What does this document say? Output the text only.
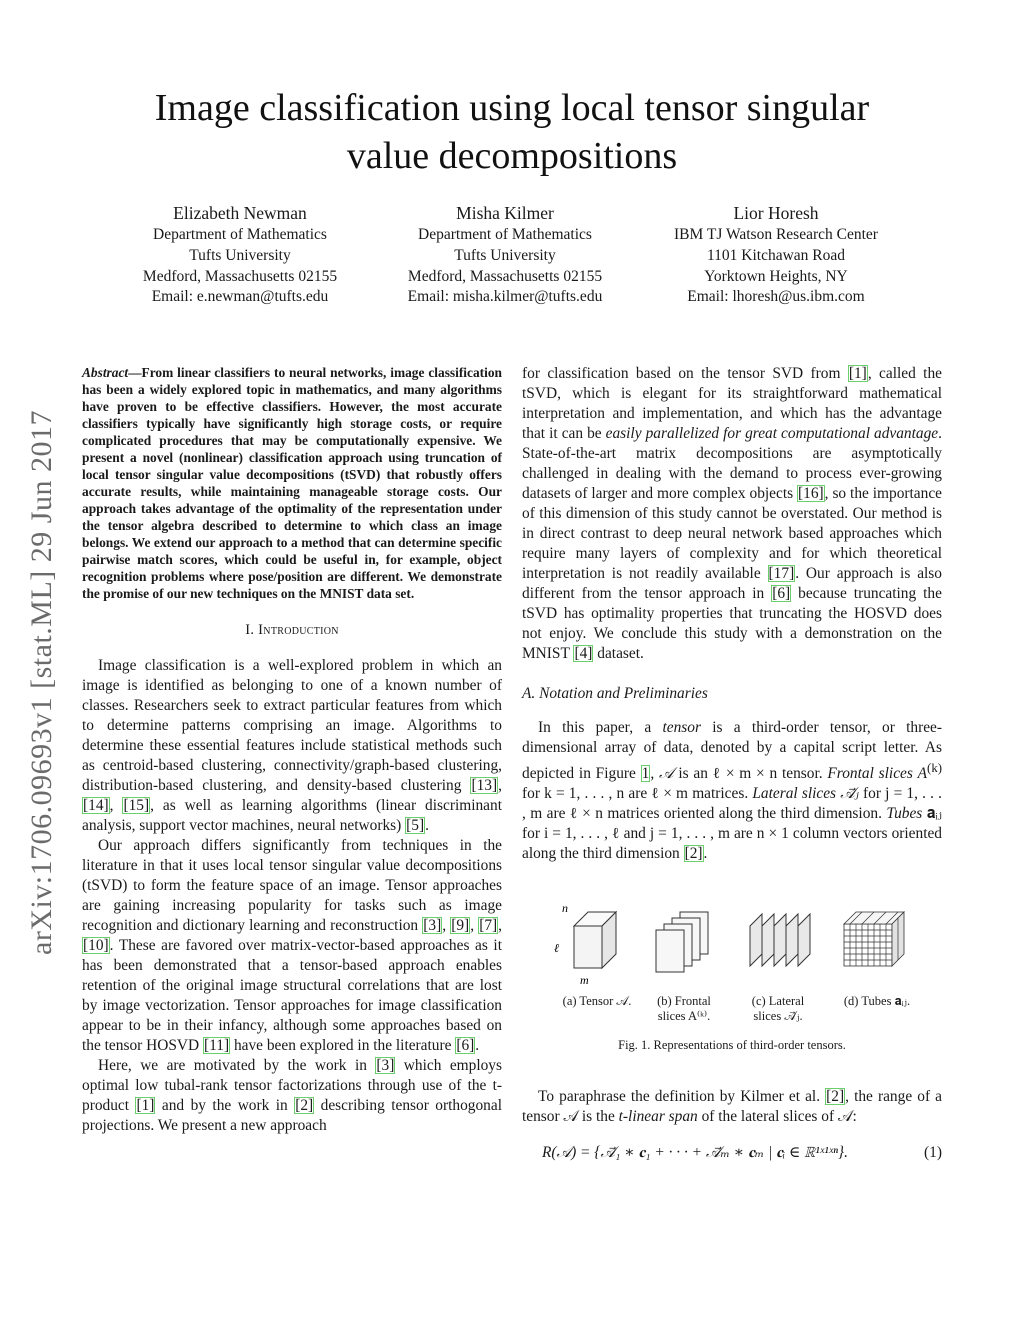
arXiv:1706.09693v1 [stat.ML] 29 Jun 2017
Image classification using local tensor singular
value decompositions
Elizabeth Newman
Department of Mathematics
Tufts University
Medford, Massachusetts 02155
Email: e.newman@tufts.edu
Misha Kilmer
Department of Mathematics
Tufts University
Medford, Massachusetts 02155
Email: misha.kilmer@tufts.edu
Lior Horesh
IBM TJ Watson Research Center
1101 Kitchawan Road
Yorktown Heights, NY
Email: lhoresh@us.ibm.com

Abstract—From linear classifiers to neural networks, image classification has been a widely explored topic in mathematics, and many algorithms have proven to be effective classifiers. However, the most accurate classifiers typically have significantly high storage costs, or require complicated procedures that may be computationally expensive. We present a novel (nonlinear) classification approach using truncation of local tensor singular value decompositions (tSVD) that robustly offers accurate results, while maintaining manageable storage costs. Our approach takes advantage of the optimality of the representation under the tensor algebra described to determine to which class an image belongs. We extend our approach to a method that can determine specific pairwise match scores, which could be useful in, for example, object recognition problems where pose/position are different. We demonstrate the promise of our new techniques on the MNIST data set.

I. Introduction

Image classification is a well-explored problem in which an image is identified as belonging to one of a known number of classes. Researchers seek to extract particular features from which to determine patterns comprising an image. Algorithms to determine these essential features include statistical methods such as centroid-based clustering, connectivity/graph-based clustering, distribution-based clustering, and density-based clustering [13], [14], [15], as well as learning algorithms (linear discriminant analysis, support vector machines, neural networks) [5].

Our approach differs significantly from techniques in the literature in that it uses local tensor singular value decompositions (tSVD) to form the feature space of an image. Tensor approaches are gaining increasing popularity for tasks such as image recognition and dictionary learning and reconstruction [3], [9], [7], [10]. These are favored over matrix-vector-based approaches as it has been demonstrated that a tensor-based approach enables retention of the original image structural correlations that are lost by image vectorization. Tensor approaches for image classification appear to be in their infancy, although some approaches based on the tensor HOSVD [11] have been explored in the literature [6].

Here, we are motivated by the work in [3] which employs optimal low tubal-rank tensor factorizations through use of the t-product [1] and by the work in [2] describing tensor orthogonal projections. We present a new approach

for classification based on the tensor SVD from [1], called the tSVD, which is elegant for its straightforward mathematical interpretation and implementation, and which has the advantage that it can be easily parallelized for great computational advantage. State-of-the-art matrix decompositions are asymptotically challenged in dealing with the demand to process ever-growing datasets of larger and more complex objects [16], so the importance of this dimension of this study cannot be overstated. Our method is in direct contrast to deep neural network based approaches which require many layers of complexity and for which theoretical interpretation is not readily available [17]. Our approach is also different from the tensor approach in [6] because truncating the tSVD has optimality properties that truncating the HOSVD does not enjoy. We conclude this study with a demonstration on the MNIST [4] dataset.

A. Notation and Preliminaries

In this paper, a tensor is a third-order tensor, or three-dimensional array of data, denoted by a capital script letter. As depicted in Figure 1, 𝒜 is an ℓ × m × n tensor. Frontal slices $A^{(k)}$ for k = 1, . . . , n are ℓ × m matrices. Lateral slices 𝒜⃗ⱼ for j = 1, . . . , m are ℓ × n matrices oriented along the third dimension. Tubes 𝐚ᵢⱼ for i = 1, . . . , ℓ and j = 1, . . . , m are n × 1 column vectors oriented along the third dimension [2].

n
ℓ
m
(a) Tensor 𝒜.	(b) Frontal
slices A⁽ᵏ⁾.
(c) Lateral
slices 𝒜⃗ⱼ.
(d) Tubes 𝐚ᵢⱼ.
Fig. 1. Representations of third-order tensors.

To paraphrase the definition by Kilmer et al. [2], the range of a tensor 𝒜 is the t-linear span of the lateral slices of 𝒜:

R(𝒜) = {𝒜⃗₁ ∗ 𝐜₁ + · · · + 𝒜⃗ₘ ∗ 𝐜ₘ | 𝐜ᵢ ∈ ℝ¹ˣ¹ˣⁿ}.	(1)
